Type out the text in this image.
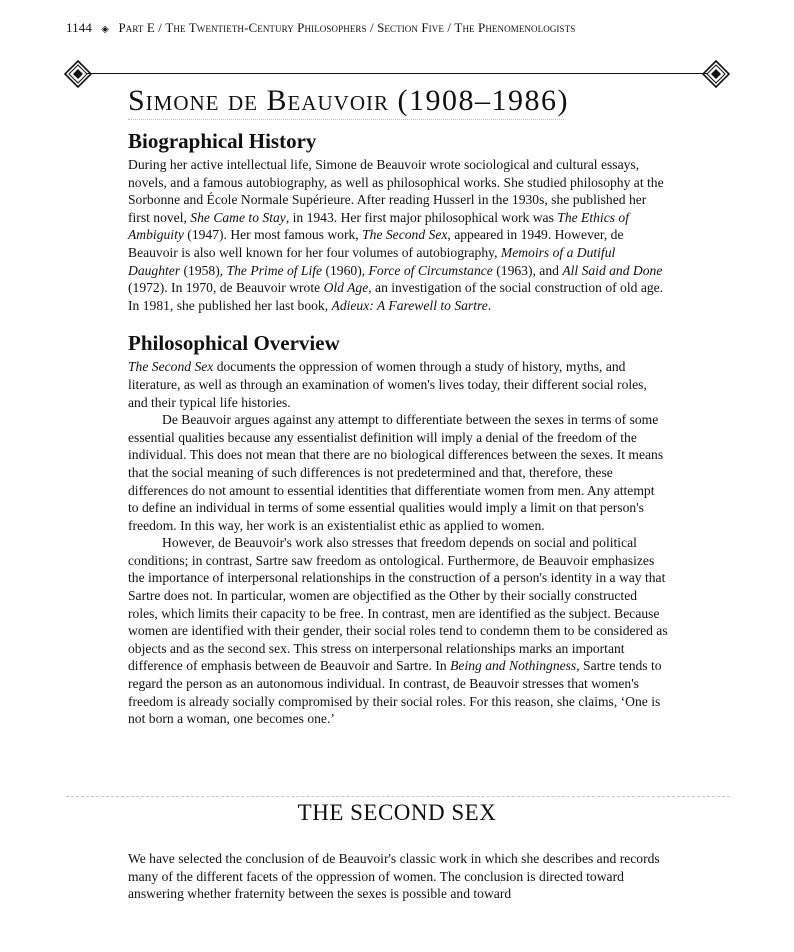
1144 ◈ Part E / The Twentieth-Century Philosophers / Section Five / The Phenomenologists
Simone de Beauvoir (1908–1986)
Biographical History

During her active intellectual life, Simone de Beauvoir wrote sociological and cultural essays, novels, and a famous autobiography, as well as philosophical works. She studied philosophy at the Sorbonne and École Normale Supérieure. After reading Husserl in the 1930s, she published her first novel, She Came to Stay, in 1943. Her first major philosophical work was The Ethics of Ambiguity (1947). Her most famous work, The Second Sex, appeared in 1949. However, de Beauvoir is also well known for her four volumes of autobiography, Memoirs of a Dutiful Daughter (1958), The Prime of Life (1960), Force of Circumstance (1963), and All Said and Done (1972). In 1970, de Beauvoir wrote Old Age, an investigation of the social construction of old age. In 1981, she published her last book, Adieux: A Farewell to Sartre.

Philosophical Overview

The Second Sex documents the oppression of women through a study of history, myths, and literature, as well as through an examination of women's lives today, their different social roles, and their typical life histories.

De Beauvoir argues against any attempt to differentiate between the sexes in terms of some essential qualities because any essentialist definition will imply a denial of the freedom of the individual. This does not mean that there are no biological differences between the sexes. It means that the social meaning of such differences is not predetermined and that, therefore, these differences do not amount to essential identities that differentiate women from men. Any attempt to define an individual in terms of some essential qualities would imply a limit on that person's freedom. In this way, her work is an existentialist ethic as applied to women.

However, de Beauvoir's work also stresses that freedom depends on social and political conditions; in contrast, Sartre saw freedom as ontological. Furthermore, de Beauvoir emphasizes the importance of interpersonal relationships in the construction of a person's identity in a way that Sartre does not. In particular, women are objectified as the Other by their socially constructed roles, which limits their capacity to be free. In contrast, men are identified as the subject. Because women are identified with their gender, their social roles tend to condemn them to be considered as objects and as the second sex. This stress on interpersonal relationships marks an important difference of emphasis between de Beauvoir and Sartre. In Being and Nothingness, Sartre tends to regard the person as an autonomous individual. In contrast, de Beauvoir stresses that women's freedom is already socially compromised by their social roles. For this reason, she claims, ‘One is not born a woman, one becomes one.’

THE SECOND SEX

We have selected the conclusion of de Beauvoir's classic work in which she describes and records many of the different facets of the oppression of women. The conclusion is directed toward answering whether fraternity between the sexes is possible and toward
